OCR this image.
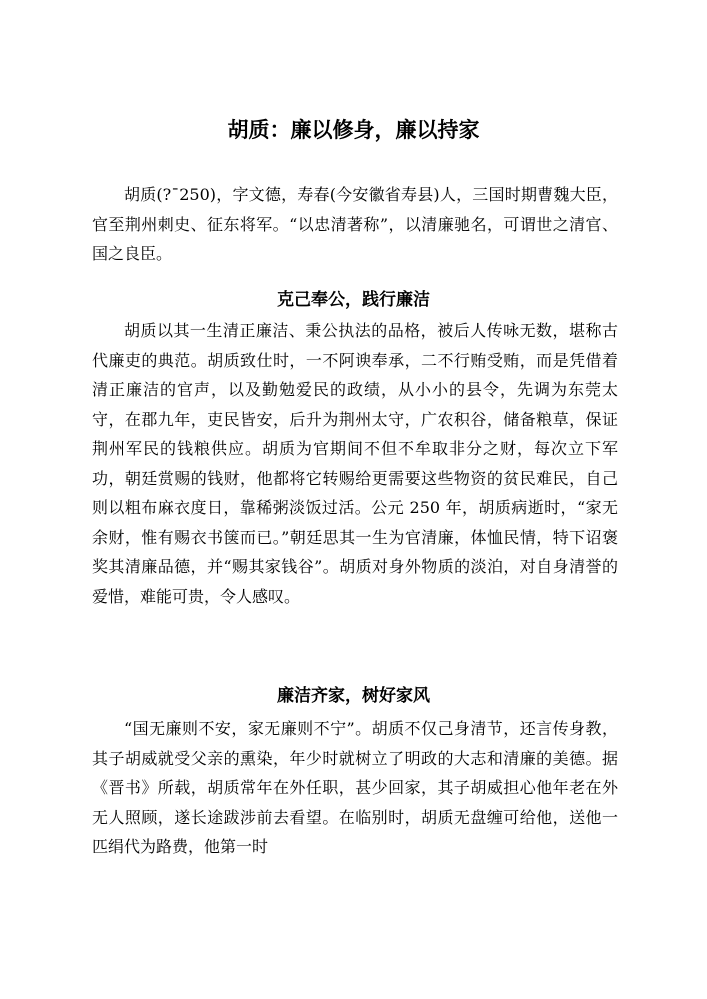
胡质：廉以修身，廉以持家

胡质(?¯250)，字文德，寿春(今安徽省寿县)人，三国时期曹魏大臣，官至荆州刺史、征东将军。“以忠清著称”，以清廉驰名，可谓世之清官、国之良臣。

克己奉公，践行廉洁

胡质以其一生清正廉洁、秉公执法的品格，被后人传咏无数，堪称古代廉吏的典范。胡质致仕时，一不阿谀奉承，二不行贿受贿，而是凭借着清正廉洁的官声，以及勤勉爱民的政绩，从小小的县令，先调为东莞太守，在郡九年，吏民皆安，后升为荆州太守，广农积谷，储备粮草，保证荆州军民的钱粮供应。胡质为官期间不但不牟取非分之财，每次立下军功，朝廷赏赐的钱财，他都将它转赐给更需要这些物资的贫民难民，自己则以粗布麻衣度日，靠稀粥淡饭过活。公元 250 年，胡质病逝时，“家无余财，惟有赐衣书箧而已。”朝廷思其一生为官清廉，体恤民情，特下诏褒奖其清廉品德，并“赐其家钱谷”。胡质对身外物质的淡泊，对自身清誉的爱惜，难能可贵，令人感叹。

廉洁齐家，树好家风

“国无廉则不安，家无廉则不宁”。胡质不仅己身清节，还言传身教，其子胡威就受父亲的熏染，年少时就树立了明政的大志和清廉的美德。据《晋书》所载，胡质常年在外任职，甚少回家，其子胡威担心他年老在外无人照顾，遂长途跋涉前去看望。在临别时，胡质无盘缠可给他，送他一匹绢代为路费，他第一时
